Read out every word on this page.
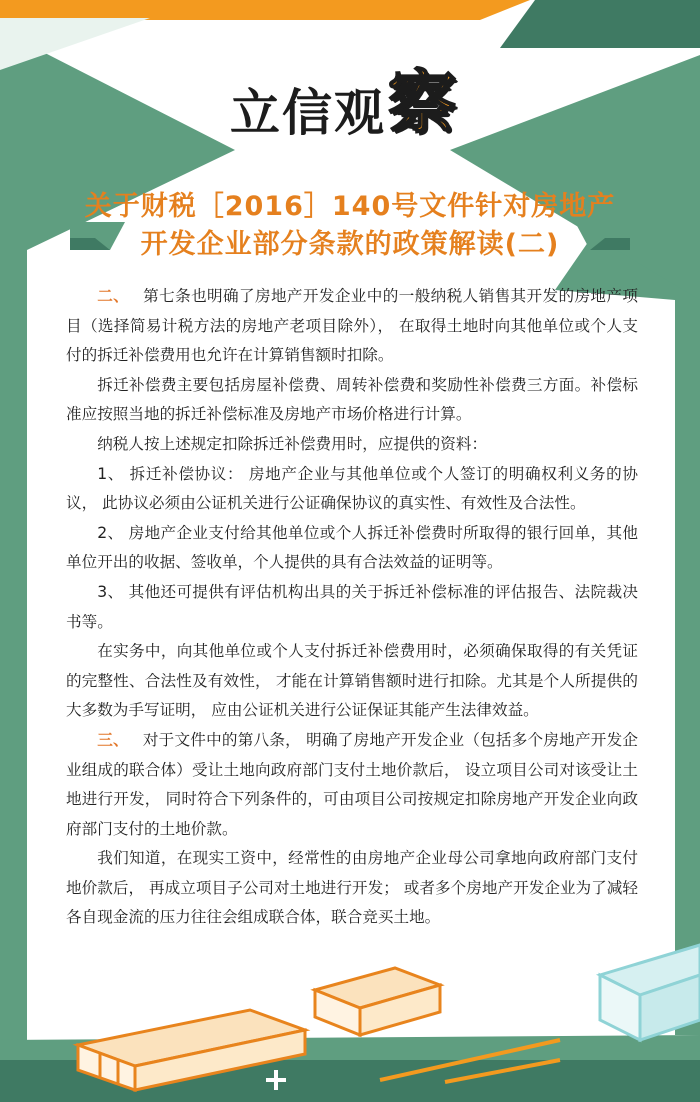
立信观 察
关于财税［2016］140号文件针对房地产
开发企业部分条款的政策解读(二)

二、 第七条也明确了房地产开发企业中的一般纳税人销售其开发的房地产项目（选择简易计税方法的房地产老项目除外）， 在取得土地时向其他单位或个人支付的拆迁补偿费用也允许在计算销售额时扣除。

拆迁补偿费主要包括房屋补偿费、周转补偿费和奖励性补偿费三方面。补偿标准应按照当地的拆迁补偿标准及房地产市场价格进行计算。

纳税人按上述规定扣除拆迁补偿费用时，应提供的资料：

1、 拆迁补偿协议： 房地产企业与其他单位或个人签订的明确权利义务的协议， 此协议必须由公证机关进行公证确保协议的真实性、有效性及合法性。

2、 房地产企业支付给其他单位或个人拆迁补偿费时所取得的银行回单，其他单位开出的收据、签收单，个人提供的具有合法效益的证明等。

3、 其他还可提供有评估机构出具的关于拆迁补偿标准的评估报告、法院裁决书等。

在实务中，向其他单位或个人支付拆迁补偿费用时，必须确保取得的有关凭证的完整性、合法性及有效性， 才能在计算销售额时进行扣除。尤其是个人所提供的大多数为手写证明， 应由公证机关进行公证保证其能产生法律效益。

三、 对于文件中的第八条， 明确了房地产开发企业（包括多个房地产开发企业组成的联合体）受让土地向政府部门支付土地价款后， 设立项目公司对该受让土地进行开发， 同时符合下列条件的，可由项目公司按规定扣除房地产开发企业向政府部门支付的土地价款。

我们知道，在现实工资中，经常性的由房地产企业母公司拿地向政府部门支付地价款后， 再成立项目子公司对土地进行开发； 或者多个房地产开发企业为了减轻各自现金流的压力往往会组成联合体，联合竞买土地。
